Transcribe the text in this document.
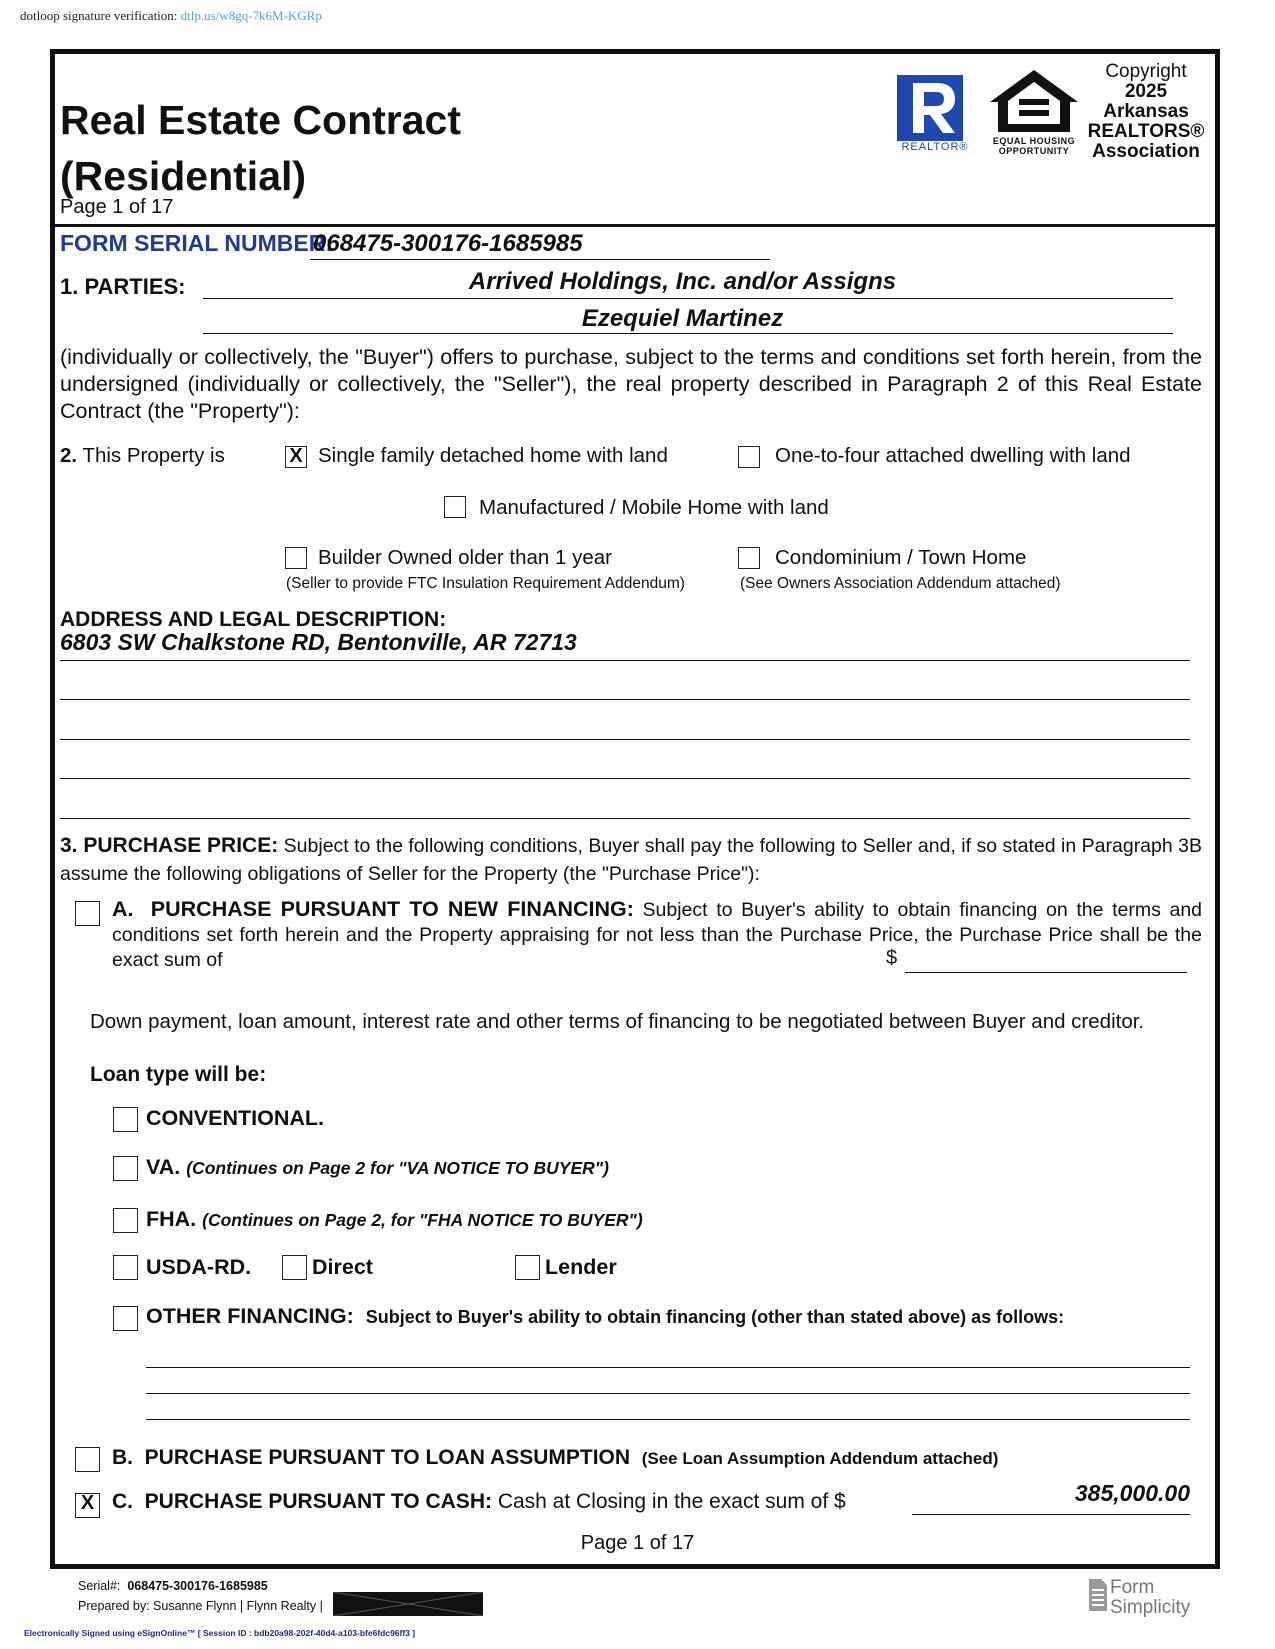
dotloop signature verification: dtlp.us/w8gq-7k6M-KGRp
Real Estate Contract
(Residential)
Page 1 of 17
REALTOR®	EQUAL HOUSING
OPPORTUNITY
Copyright
2025
Arkansas
REALTORS®
Association
FORM SERIAL NUMBER:
068475-300176-1685985
1. PARTIES:	Arrived Holdings, Inc. and/or Assigns
Ezequiel Martinez
(individually or collectively, the "Buyer") offers to purchase, subject to the terms and conditions set forth herein, from the undersigned (individually or collectively, the "Seller"), the real property described in Paragraph 2 of this Real Estate Contract (the "Property"):
2. This Property is	X Single family detached home with land	One-to-four attached dwelling with land
Manufactured / Mobile Home with land
Builder Owned older than 1 year	Condominium / Town Home
(Seller to provide FTC Insulation Requirement Addendum)	(See Owners Association Addendum attached)
ADDRESS AND LEGAL DESCRIPTION:
6803 SW Chalkstone RD, Bentonville, AR 72713
3. PURCHASE PRICE: Subject to the following conditions, Buyer shall pay the following to Seller and, if so stated in Paragraph 3B assume the following obligations of Seller for the Property (the "Purchase Price"):
A. PURCHASE PURSUANT TO NEW FINANCING: Subject to Buyer's ability to obtain financing on the terms and conditions set forth herein and the Property appraising for not less than the Purchase Price, the Purchase Price shall be the exact sum of	$
Down payment, loan amount, interest rate and other terms of financing to be negotiated between Buyer and creditor.
Loan type will be:
CONVENTIONAL.
VA. (Continues on Page 2 for "VA NOTICE TO BUYER")
FHA. (Continues on Page 2, for "FHA NOTICE TO BUYER")
USDA-RD.	Direct	Lender
OTHER FINANCING: Subject to Buyer's ability to obtain financing (other than stated above) as follows:
B. PURCHASE PURSUANT TO LOAN ASSUMPTION (See Loan Assumption Addendum attached)
X C. PURCHASE PURSUANT TO CASH: Cash at Closing in the exact sum of $	385,000.00
Page 1 of 17
Serial#: 068475-300176-1685985
Prepared by: Susanne Flynn | Flynn Realty |
Electronically Signed using eSignOnline™ [ Session ID : bdb20a98-202f-40d4-a103-bfe6fdc96ff3 ]
Form
Simplicity
